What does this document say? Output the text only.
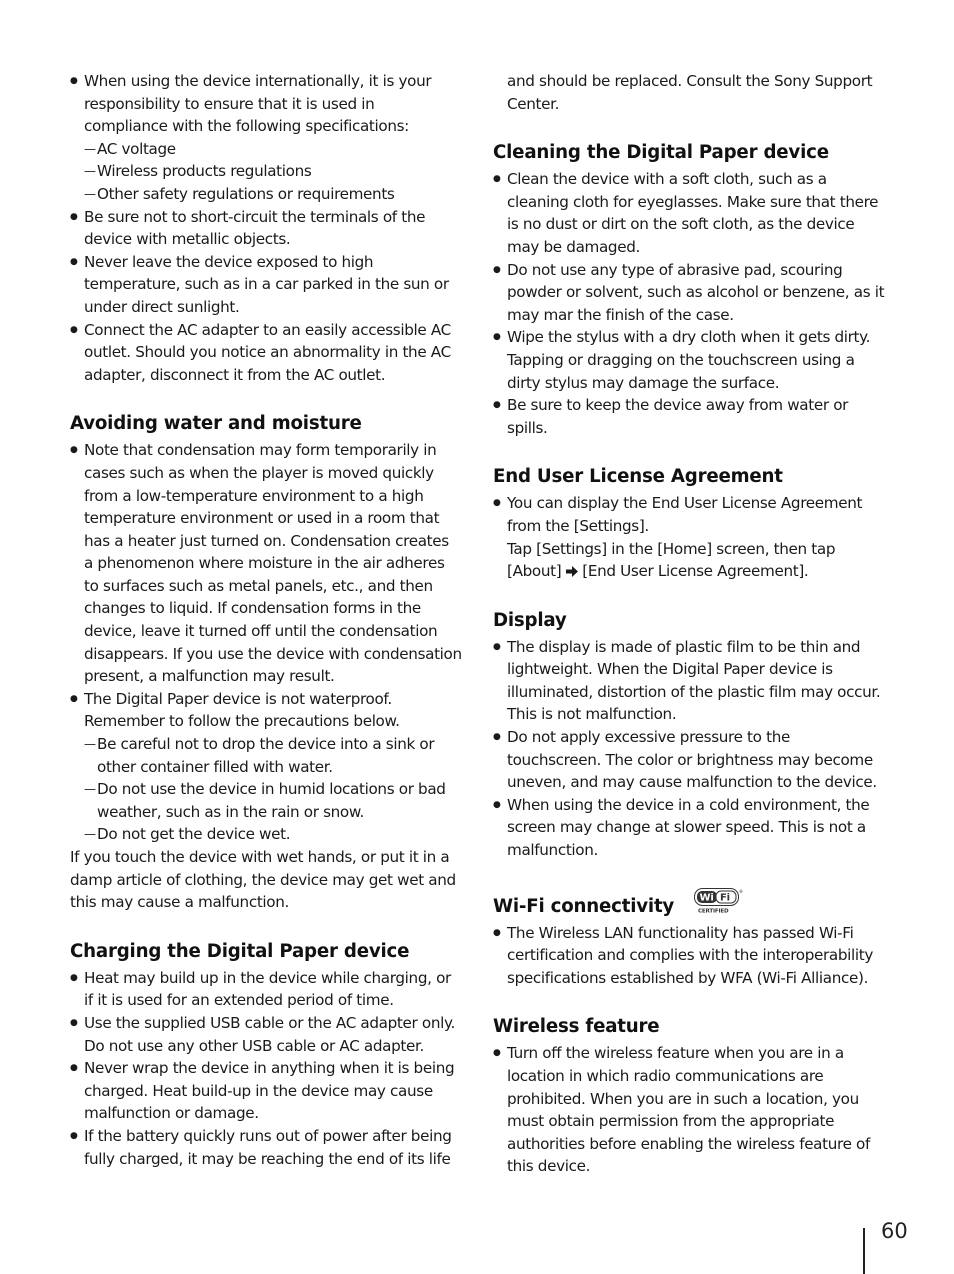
● When using the device internationally, it is your responsibility to ensure that it is used in compliance with the following specifications:

— AC voltage
— Wireless products regulations
— Other safety regulations or requirements
● Be sure not to short-circuit the terminals of the device with metallic objects.
● Never leave the device exposed to high temperature, such as in a car parked in the sun or under direct sunlight.
● Connect the AC adapter to an easily accessible AC outlet. Should you notice an abnormality in the AC adapter, disconnect it from the AC outlet.
Avoiding water and moisture
● Note that condensation may form temporarily in cases such as when the player is moved quickly from a low-temperature environment to a high temperature environment or used in a room that has a heater just turned on. Condensation creates a phenomenon where moisture in the air adheres to surfaces such as metal panels, etc., and then changes to liquid. If condensation forms in the device, leave it turned off until the condensation disappears. If you use the device with condensation present, a malfunction may result.

● The Digital Paper device is not waterproof. Remember to follow the precautions below.

— Be careful not to drop the device into a sink or other container filled with water.
— Do not use the device in humid locations or bad weather, such as in the rain or snow.
— Do not get the device wet.

If you touch the device with wet hands, or put it in a damp article of clothing, the device may get wet and this may cause a malfunction.

Charging the Digital Paper device
● Heat may build up in the device while charging, or if it is used for an extended period of time.
● Use the supplied USB cable or the AC adapter only. Do not use any other USB cable or AC adapter.
● Never wrap the device in anything when it is being charged. Heat build-up in the device may cause malfunction or damage.
● If the battery quickly runs out of power after being fully charged, it may be reaching the end of its life

and should be replaced. Consult the Sony Support Center.

Cleaning the Digital Paper device
● Clean the device with a soft cloth, such as a cleaning cloth for eyeglasses. Make sure that there is no dust or dirt on the soft cloth, as the device may be damaged.
● Do not use any type of abrasive pad, scouring powder or solvent, such as alcohol or benzene, as it may mar the finish of the case.
● Wipe the stylus with a dry cloth when it gets dirty. Tapping or dragging on the touchscreen using a dirty stylus may damage the surface.
● Be sure to keep the device away from water or spills.
End User License Agreement

● You can display the End User License Agreement from the [Settings].

Tap [Settings] in the [Home] screen, then tap [About] [End User License Agreement].

Display
● The display is made of plastic film to be thin and lightweight. When the Digital Paper device is illuminated, distortion of the plastic film may occur. This is not malfunction.
● Do not apply excessive pressure to the touchscreen. The color or brightness may become uneven, and may cause malfunction to the device.
● When using the device in a cold environment, the screen may change at slower speed. This is not a malfunction.
Wi-Fi connectivity	Wi Fi
®
CERTIFIED
● The Wireless LAN functionality has passed Wi-Fi certification and complies with the interoperability specifications established by WFA (Wi-Fi Alliance).
Wireless feature
● Turn off the wireless feature when you are in a location in which radio communications are prohibited. When you are in such a location, you must obtain permission from the appropriate authorities before enabling the wireless feature of this device.
60
